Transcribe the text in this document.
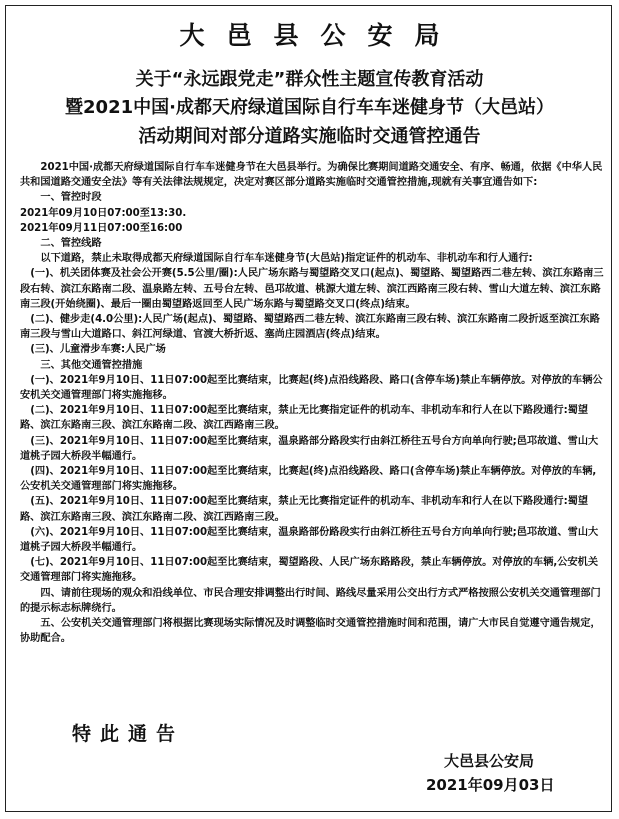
大邑县公安局
关于“永远跟党走”群众性主题宣传教育活动
暨2021中国·成都天府绿道国际自行车车迷健身节（大邑站）
活动期间对部分道路实施临时交通管控通告

2021中国·成都天府绿道国际自行车车迷健身节在大邑县举行。为确保比赛期间道路交通安全、有序、畅通，依据《中华人民共和国道路交通安全法》等有关法律法规规定，决定对赛区部分道路实施临时交通管控措施,现就有关事宜通告如下:

一、管控时段

2021年09月10日07:00至13:30.

2021年09月11日07:00至16:00

二、管控线路

以下道路，禁止未取得成都天府绿道国际自行车车迷健身节(大邑站)指定证件的机动车、非机动车和行人通行:

(一)、机关团体赛及社会公开赛(5.5公里/圈):人民广场东路与蜀望路交叉口(起点)、蜀望路、蜀望路西二巷左转、滨江东路南三段右转、滨江东路南二段、温泉路左转、五号台左转、邑邛故道、桃源大道左转、滨江西路南三段右转、雪山大道左转、滨江东路南三段(开始绕圈)、最后一圈由蜀望路返回至人民广场东路与蜀望路交叉口(终点)结束。

(二)、健步走(4.0公里):人民广场(起点)、蜀望路、蜀望路西二巷左转、滨江东路南三段右转、滨江东路南二段折返至滨江东路南三段与雪山大道路口、斜江河绿道、官渡大桥折返、塞尚庄园酒店(终点)结束。

(三)、儿童滑步车赛:人民广场

三、其他交通管控措施

(一)、2021年9月10日、11日07:00起至比赛结束，比赛起(终)点沿线路段、路口(含停车场)禁止车辆停放。对停放的车辆公安机关交通管理部门将实施拖移。

(二)、2021年9月10日、11日07:00起至比赛结束，禁止无比赛指定证件的机动车、非机动车和行人在以下路段通行:蜀望路、滨江东路南三段、滨江东路南二段、滨江西路南三段。

(三)、2021年9月10日、11日07:00起至比赛结束，温泉路部分路段实行由斜江桥往五号台方向单向行驶;邑邛故道、雪山大道桃子园大桥段半幅通行。

(四)、2021年9月10日、11日07:00起至比赛结束，比赛起(终)点沿线路段、路口(含停车场)禁止车辆停放。对停放的车辆,公安机关交通管理部门将实施拖移。

(五)、2021年9月10日、11日07:00起至比赛结束，禁止无比赛指定证件的机动车、非机动车和行人在以下路段通行:蜀望路、滨江东路南三段、滨江东路南二段、滨江西路南三段。

(六)、2021年9月10日、11日07:00起至比赛结束，温泉路部份路段实行由斜江桥往五号台方向单向行驶;邑邛故道、雪山大道桃子园大桥段半幅通行。

(七)、2021年9月10日、11日07:00起至比赛结束，蜀望路段、人民广场东路路段，禁止车辆停放。对停放的车辆,公安机关交通管理部门将实施拖移。

四、请前往现场的观众和沿线单位、市民合理安排调整出行时间、路线尽量采用公交出行方式严格按照公安机关交通管理部门的提示标志标牌绕行。

五、公安机关交通管理部门将根据比赛现场实际情况及时调整临时交通管控措施时间和范围，请广大市民自觉遵守通告规定，协助配合。

特此通告
大邑县公安局
2021年09月03日
